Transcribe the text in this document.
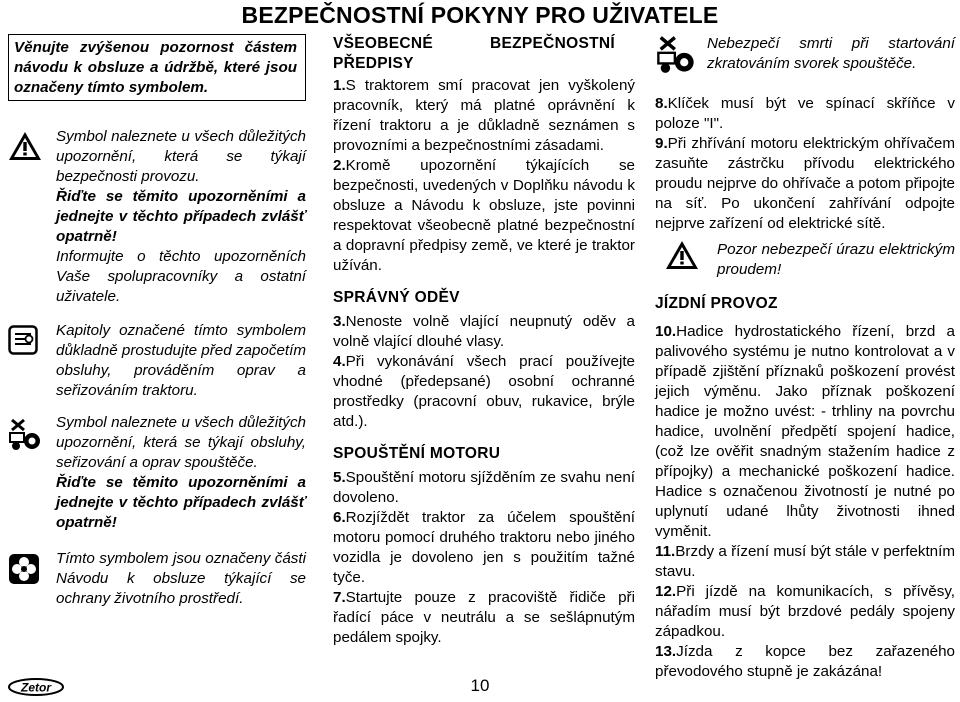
BEZPEČNOSTNÍ POKYNY PRO UŽIVATELE
Věnujte zvýšenou pozornost částem návodu k obsluze a údržbě, které jsou označeny tímto symbolem.
Symbol naleznete u všech důležitých upozornění, která se týkají bezpečnosti provozu.
Řiďte se těmito upozorněními a jednejte v těchto případech zvlášť opatrně!
Informujte o těchto upozorněních Vaše spolupracovníky a ostatní uživatele.
Kapitoly označené tímto symbolem důkladně prostudujte před započetím obsluhy, prováděním oprav a seřizováním traktoru.
Symbol naleznete u všech důležitých upozornění, která se týkají obsluhy, seřizování a oprav spouštěče.
Řiďte se těmito upozorněními a jednejte v těchto případech zvlášť opatrně!
Tímto symbolem jsou označeny části Návodu k obsluze týkající se ochrany životního prostředí.
VŠEOBECNÉ BEZPEČNOSTNÍ PŘEDPISY

1.S traktorem smí pracovat jen vyškolený pracovník, který má platné oprávnění k řízení traktoru a je důkladně seznámen s provozními a bezpečnostními zásadami.

2.Kromě upozornění týkajících se bezpečnosti, uvedených v Doplňku návodu k obsluze a Návodu k obsluze, jste povinni respektovat všeobecně platné bezpečnostní a dopravní předpisy země, ve které je traktor užíván.

SPRÁVNÝ ODĚV

3.Nenoste volně vlající neupnutý oděv a volně vlající dlouhé vlasy.

4.Při vykonávání všech prací používejte vhodné (předepsané) osobní ochranné prostředky (pracovní obuv, rukavice, brýle atd.).

SPOUŠTĚNÍ MOTORU

5.Spouštění motoru sjížděním ze svahu není dovoleno.

6.Rozjíždět traktor za účelem spouštění motoru pomocí druhého traktoru nebo jiného vozidla je dovoleno jen s použitím tažné tyče.

7.Startujte pouze z pracoviště řidiče při řadící páce v neutrálu a se sešlápnutým pedálem spojky.

Nebezpečí smrti při startování zkratováním svorek spouštěče.

8.Klíček musí být ve spínací skříňce v poloze "I".

9.Při zhřívání motoru elektrickým ohřívačem zasuňte zástrčku přívodu elektrického proudu nejprve do ohřívače a potom připojte na síť. Po ukončení zahřívání odpojte nejprve zařízení od elektrické sítě.

Pozor nebezpečí úrazu elektrickým proudem!
JÍZDNÍ PROVOZ

10.Hadice hydrostatického řízení, brzd a palivového systému je nutno kontrolovat a v případě zjištění příznaků poškození provést jejich výměnu. Jako příznak poškození hadice je možno uvést: - trhliny na povrchu hadice, uvolnění předpětí spojení hadice, (což lze ověřit snadným stažením hadice z přípojky) a mechanické poškození hadice. Hadice s označenou životností je nutné po uplynutí udané lhůty životnosti ihned vyměnit.

11.Brzdy a řízení musí být stále v perfektním stavu.

12.Při jízdě na komunikacích, s přívěsy, nářadím musí být brzdové pedály spojeny západkou.

13.Jízda z kopce bez zařazeného převodového stupně je zakázána!

Zetor	10
